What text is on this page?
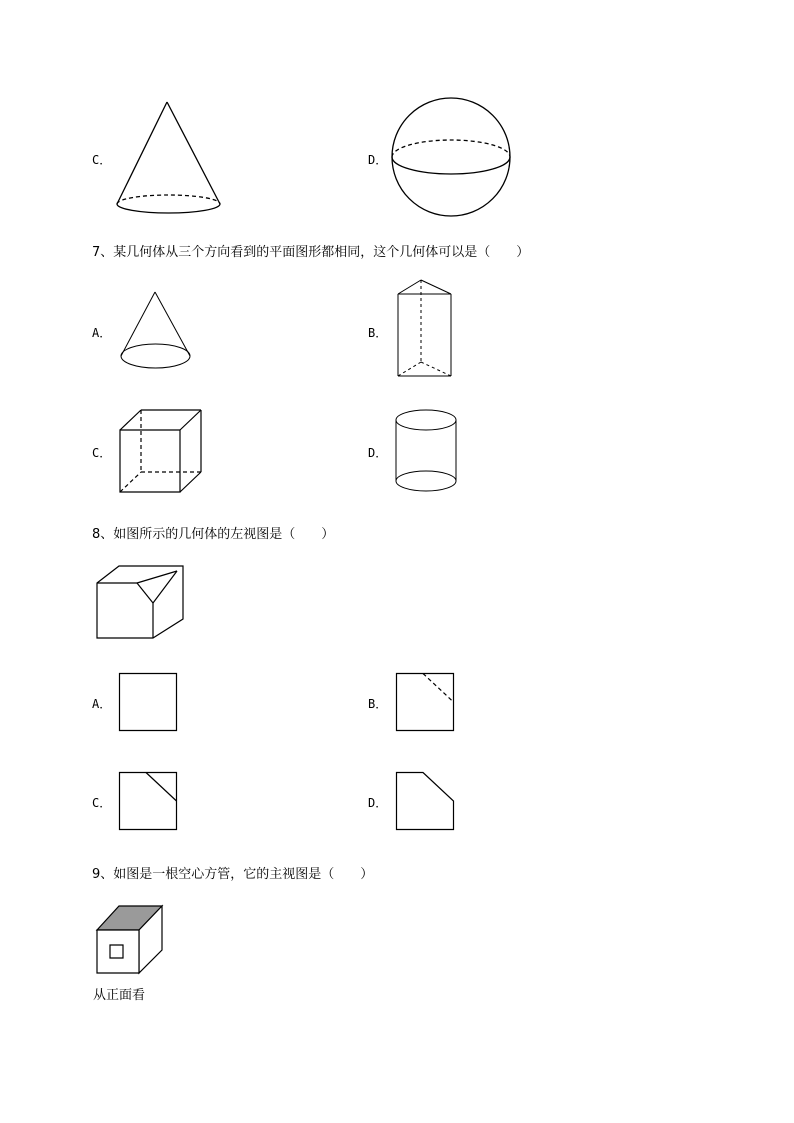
C．	D．
7、某几何体从三个方向看到的平面图形都相同，这个几何体可以是（　　）
A．	B．
C．	D．
8、如图所示的几何体的左视图是（　　）
A．	B．
C．	D．
9、如图是一根空心方管，它的主视图是（　　）
从正面看
